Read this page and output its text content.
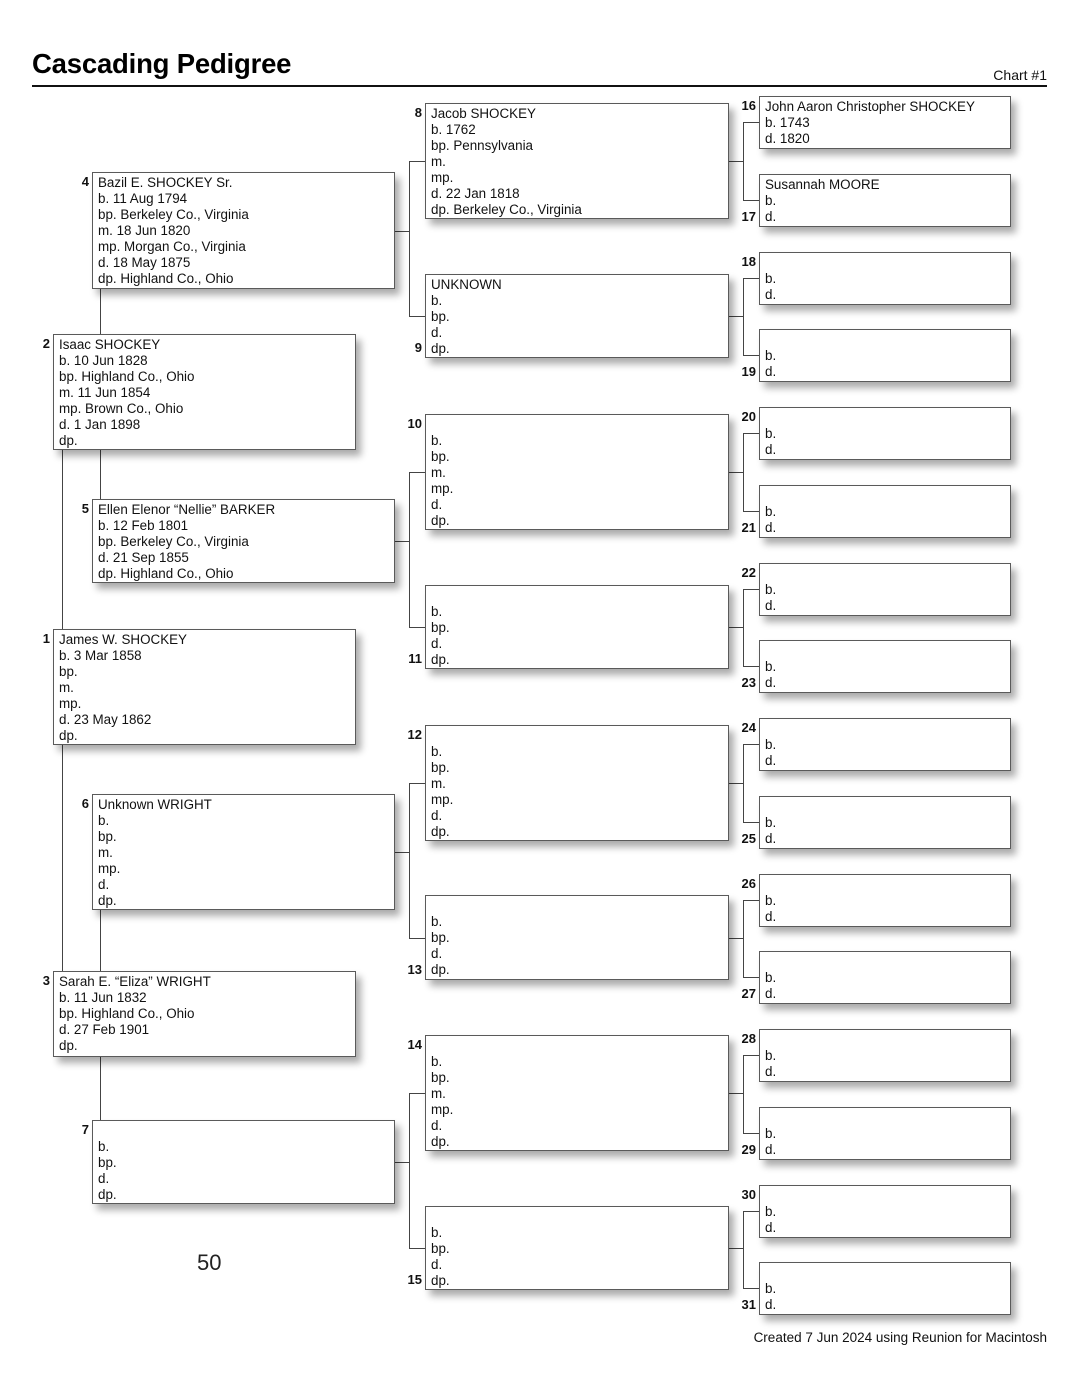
Cascading Pedigree	Chart #1
50
Created 7 Jun 2024 using Reunion for Macintosh
James W. SHOCKEY
b. 3 Mar 1858
bp.
m.
mp.
d. 23 May 1862
dp.
1
Isaac SHOCKEY
b. 10 Jun 1828
bp. Highland Co., Ohio
m. 11 Jun 1854
mp. Brown Co., Ohio
d. 1 Jan 1898
dp.
2
Sarah E. “Eliza” WRIGHT
b. 11 Jun 1832
bp. Highland Co., Ohio
d. 27 Feb 1901
dp.
3
Bazil E. SHOCKEY Sr.
b. 11 Aug 1794
bp. Berkeley Co., Virginia
m. 18 Jun 1820
mp. Morgan Co., Virginia
d. 18 May 1875
dp. Highland Co., Ohio
4
Ellen Elenor “Nellie” BARKER
b. 12 Feb 1801
bp. Berkeley Co., Virginia
d. 21 Sep 1855
dp. Highland Co., Ohio
5
Unknown WRIGHT
b.
bp.
m.
mp.
d.
dp.
6
b.
bp.
d.
dp.
7
Jacob SHOCKEY
b. 1762
bp. Pennsylvania
m.
mp.
d. 22 Jan 1818
dp. Berkeley Co., Virginia
8
UNKNOWN
b.
bp.
d.
dp.
9
b.
bp.
m.
mp.
d.
dp.
10
b.
bp.
d.
dp.
11
b.
bp.
m.
mp.
d.
dp.
12
b.
bp.
d.
dp.
13
b.
bp.
m.
mp.
d.
dp.
14
b.
bp.
d.
dp.
15
John Aaron Christopher SHOCKEY
b. 1743
d. 1820
16
Susannah MOORE
b.
d.
17
b.
d.
18
b.
d.
19
b.
d.
20
b.
d.
21
b.
d.
22
b.
d.
23
b.
d.
24
b.
d.
25
b.
d.
26
b.
d.
27
b.
d.
28
b.
d.
29
b.
d.
30
b.
d.
31
